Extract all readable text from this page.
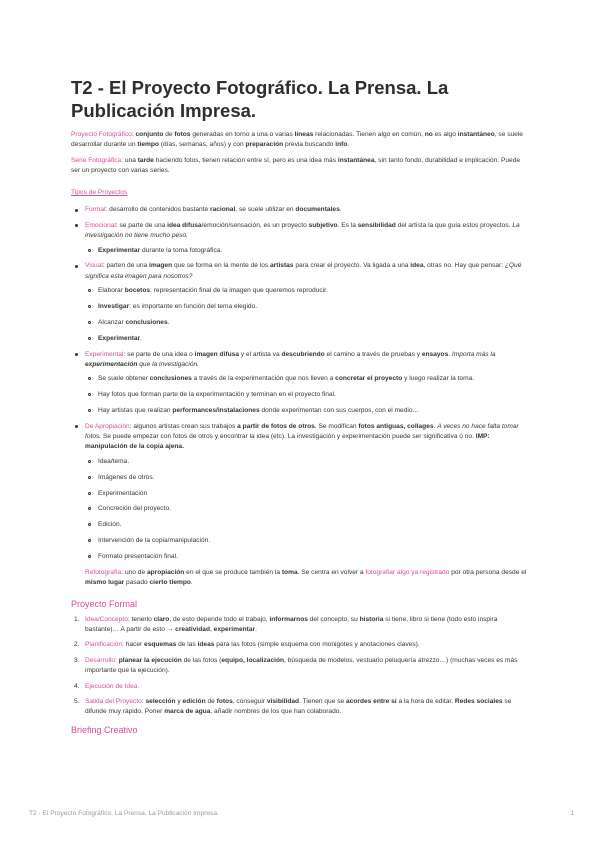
T2 - El Proyecto Fotográfico. La Prensa. La Publicación Impresa.

Proyecto Fotográfico: conjunto de fotos generadas en torno a una o varias líneas relacionadas. Tienen algo en común, no es algo instantáneo, se suele desarrollar durante un tiempo (días, semanas, años) y con preparación previa buscando info.

Serie Fotográfica: una tarde haciendo fotos, tienen relación entre sí, pero es una idea más instantánea, sin tanto fondo, durabilidad e implicación. Puede ser un proyecto con varias series.

Tipos de Proyectos
Formal: desarrollo de contenidos bastante racional, se suele utilizar en documentales.
Emocional: se parte de una idea difusa/emoción/sensación, es un proyecto subjetivo. Es la sensibilidad del artista la que guía estos proyectos. La investigación no tiene mucho peso.
Experimentar durante la toma fotográfica.
Visual: parten de una imagen que se forma en la mente de los artistas para crear el proyecto. Va ligada a una idea, otras no. Hay que pensar: ¿Qué significa esta imagen para nosotros?
Elaborar bocetos: representación final de la imagen que queremos reproducir.
Investigar: es importante en función del tema elegido.
Alcanzar conclusiones.
Experimentar.
Experimental: se parte de una idea o imagen difusa y el artista va descubriendo el camino a través de pruebas y ensayos. Importa más la experimentación que la investigación.
Se suele obtener conclusiones a través de la experimentación que nos lleven a concretar el proyecto y luego realizar la toma.
Hay fotos que forman parte de la experimentación y terminan en el proyecto final.
Hay artistas que realizan performances/instalaciones donde experimentan con sus cuerpos, con el medio…
De Apropiación: algunos artistas crean sus trabajos a partir de fotos de otros. Se modifican fotos antiguas, collages. A veces no hace falta tomar fotos. Se puede empezar con fotos de otros y encontrar la idea (etc). La investigación y experimentación puede ser significativa o no. IMP: manipulación de la copia ajena.
Idea/tema.
Imágenes de otros.
Experimentación
Concreción del proyecto.
Edición.
Intervención de la copia/manipulación.
Formato presentación final.

Refotografía: uno de apropiación en el que se produce también la toma. Se centra en volver a fotografiar algo ya registrado por otra persona desde el mismo lugar pasado cierto tiempo.

Proyecto Formal
1. Idea/Concepto: tenerlo claro, de esto depende todo el trabajo, informarnos del concepto, su historia si tiene, libro si tiene (todo esto inspira bastante)… A partir de esto → creatividad, experimentar.
2. Planificación: hacer esquemas de las ideas para las fotos (simple esquema con monigotes y anotaciones claves).
3. Desarrollo: planear la ejecución de las fotos (equipo, localización, búsqueda de modelos, vestuario peluquería atrezzo…) (muchas veces es más importante que la ejecución).
4. Ejecución de Idea.
5. Salida del Proyecto: selección y edición de fotos, conseguir visibilidad. Tienen que se acordes entre sí a la hora de editar. Redes sociales se difunde muy rápido. Poner marca de agua, añadir nombres de los que han colaborado.
Briefing Creativo
T2 - El Proyecto Fotográfico. La Prensa. La Publicación Impresa.	1
